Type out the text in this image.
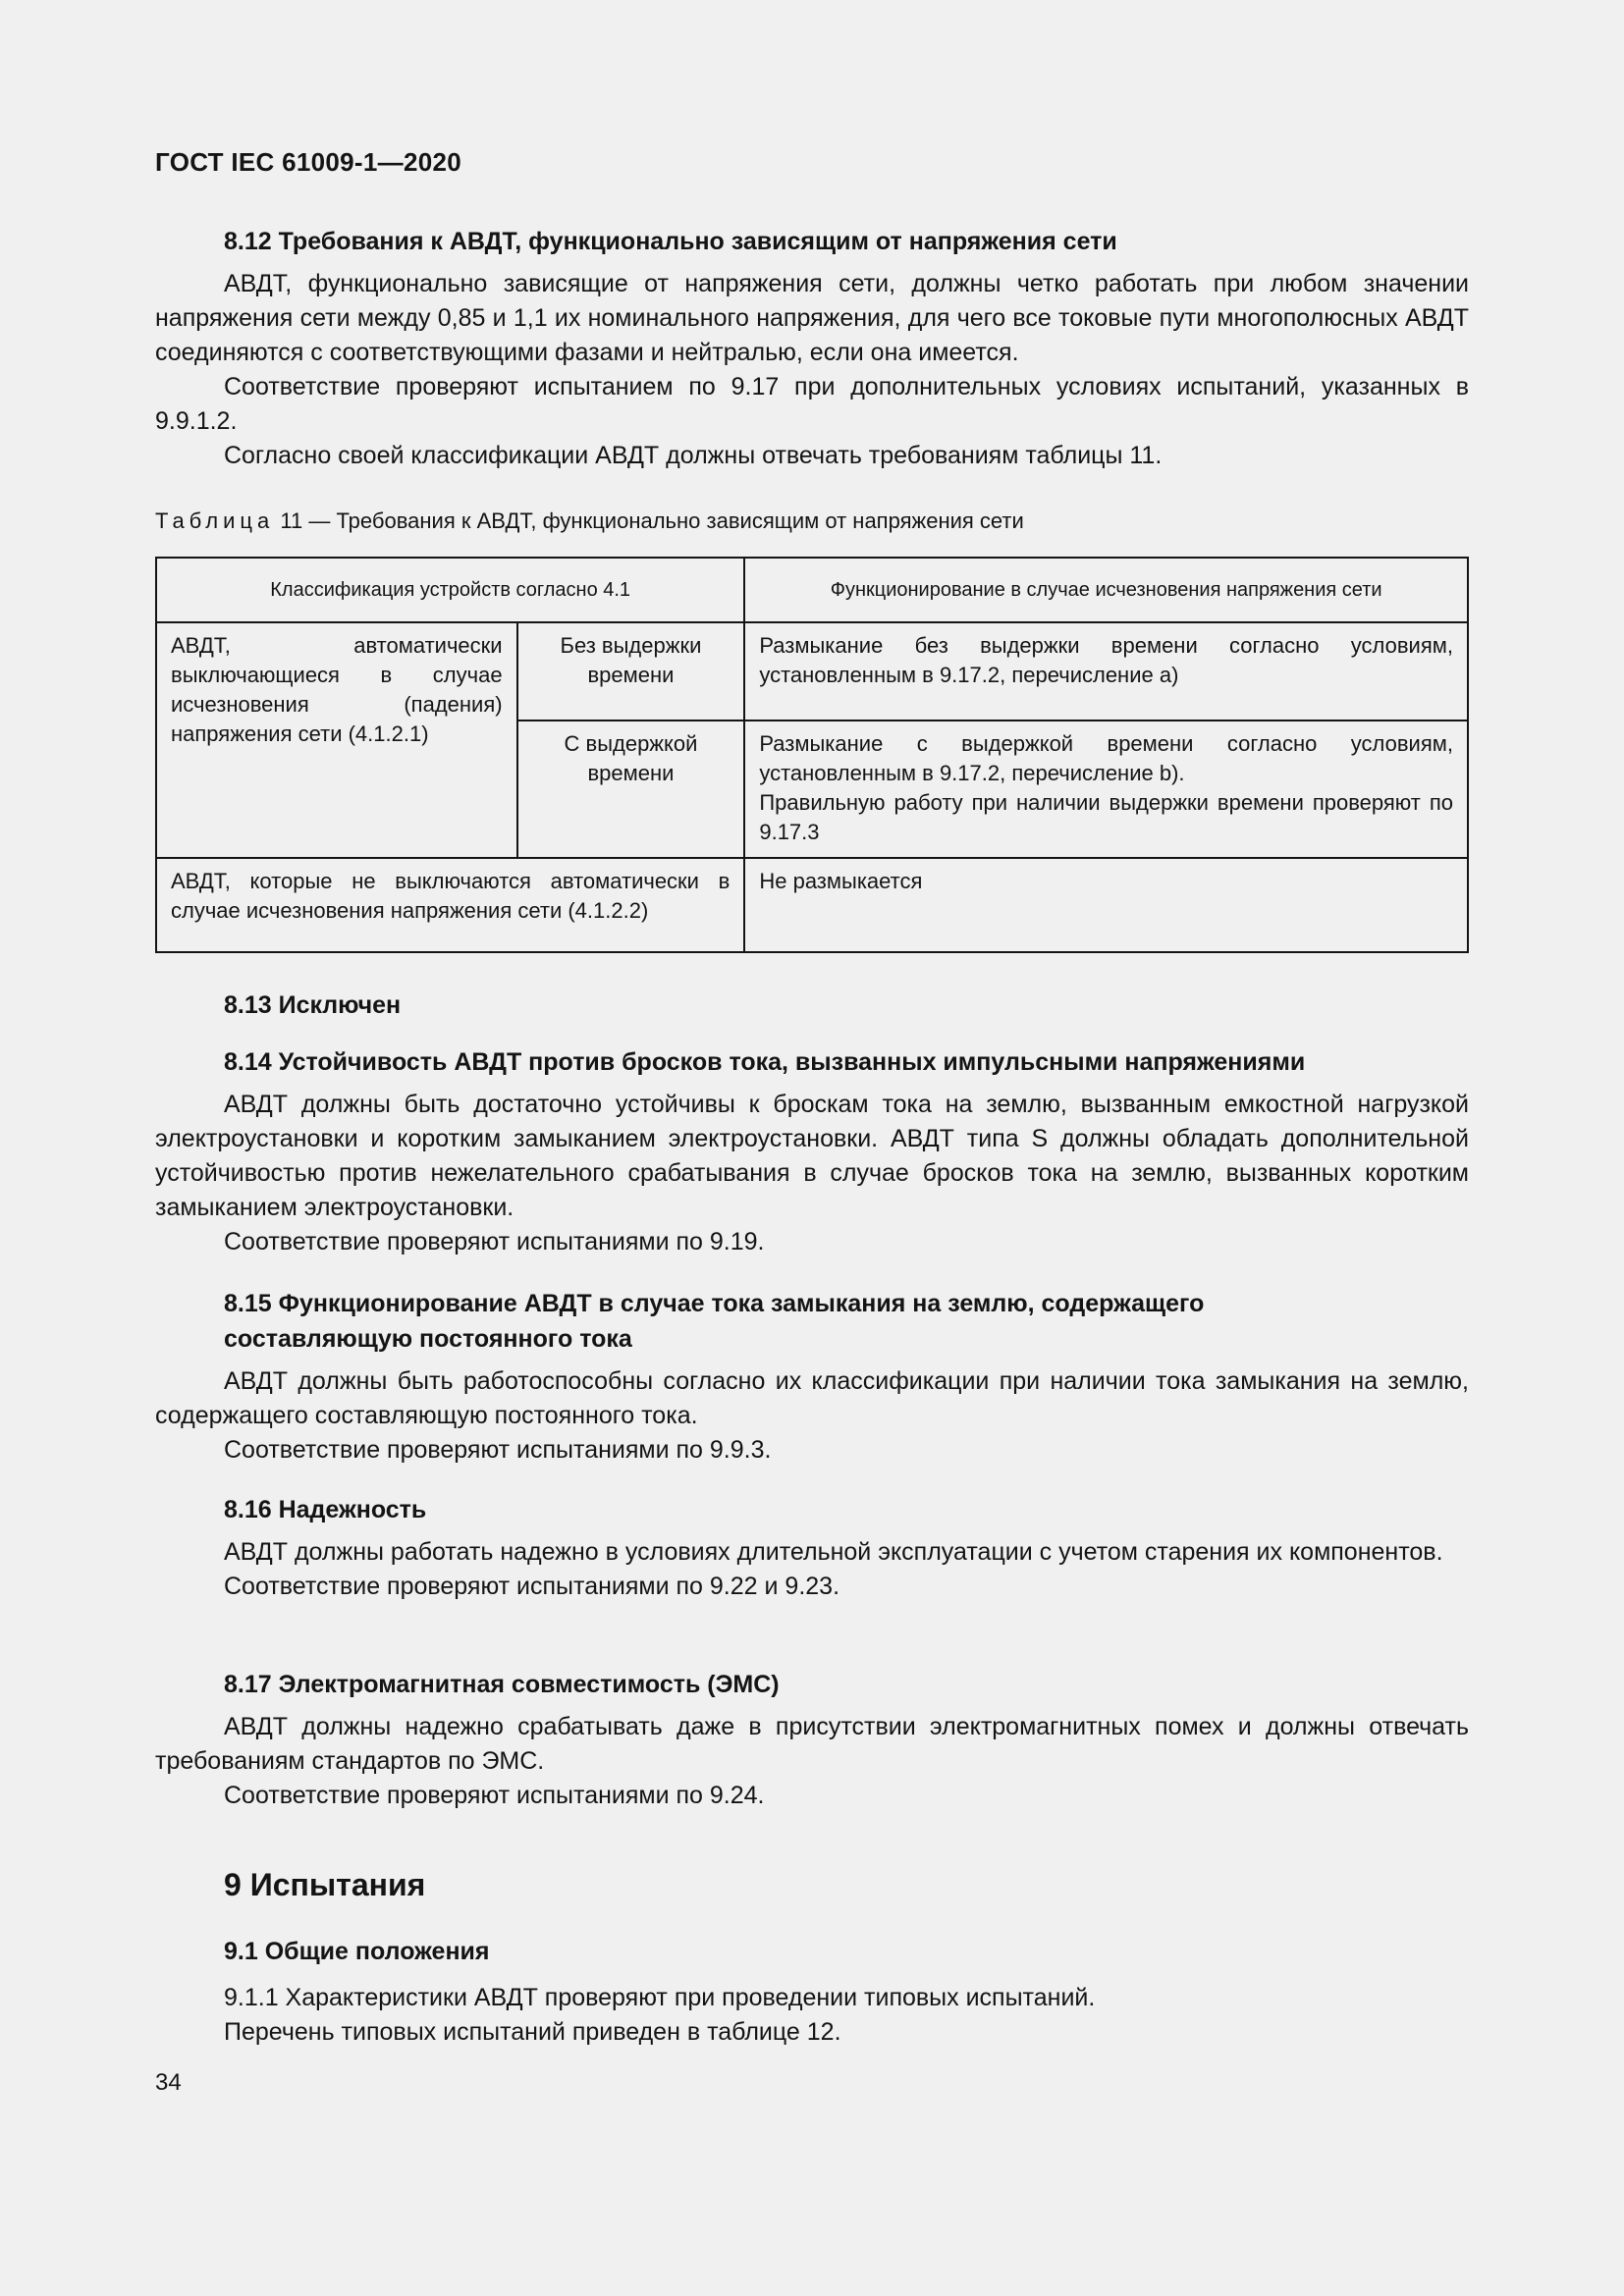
ГОСТ IEC 61009-1—2020

8.12 Требования к АВДТ, функционально зависящим от напряжения сети

АВДТ, функционально зависящие от напряжения сети, должны четко работать при любом значении напряжения сети между 0,85 и 1,1 их номинального напряжения, для чего все токовые пути многополюсных АВДТ соединяются с соответствующими фазами и нейтралью, если она имеется.

Соответствие проверяют испытанием по 9.17 при дополнительных условиях испытаний, указанных в 9.9.1.2.

Согласно своей классификации АВДТ должны отвечать требованиям таблицы 11.

Таблица 11 — Требования к АВДТ, функционально зависящим от напряжения сети

Классификация устройств согласно 4.1		Функционирование в случае исчезновения напряжения сети
АВДТ, автоматически выключающиеся в случае исчезновения (падения) напряжения сети (4.1.2.1)	Без выдержки времени	Размыкание без выдержки времени согласно условиям, установленным в 9.17.2, перечисление a)
	С выдержкой времени	Размыкание с выдержкой времени согласно условиям, установленным в 9.17.2, перечисление b).
Правильную работу при наличии выдержки времени проверяют по 9.17.3

АВДТ, которые не выключаются автоматически в случае исчезновения напряжения сети (4.1.2.2)		Не размыкается

8.13 Исключен

8.14 Устойчивость АВДТ против бросков тока, вызванных импульсными напряжениями

АВДТ должны быть достаточно устойчивы к броскам тока на землю, вызванным емкостной нагрузкой электроустановки и коротким замыканием электроустановки. АВДТ типа S должны обладать дополнительной устойчивостью против нежелательного срабатывания в случае бросков тока на землю, вызванных коротким замыканием электроустановки.

Соответствие проверяют испытаниями по 9.19.

8.15 Функционирование АВДТ в случае тока замыкания на землю, содержащего
составляющую постоянного тока

АВДТ должны быть работоспособны согласно их классификации при наличии тока замыкания на землю, содержащего составляющую постоянного тока.

Соответствие проверяют испытаниями по 9.9.3.

8.16 Надежность

АВДТ должны работать надежно в условиях длительной эксплуатации с учетом старения их компонентов.

Соответствие проверяют испытаниями по 9.22 и 9.23.

8.17 Электромагнитная совместимость (ЭМС)

АВДТ должны надежно срабатывать даже в присутствии электромагнитных помех и должны отвечать требованиям стандартов по ЭМС.

Соответствие проверяют испытаниями по 9.24.

9 Испытания

9.1 Общие положения

9.1.1 Характеристики АВДТ проверяют при проведении типовых испытаний.

Перечень типовых испытаний приведен в таблице 12.

34
